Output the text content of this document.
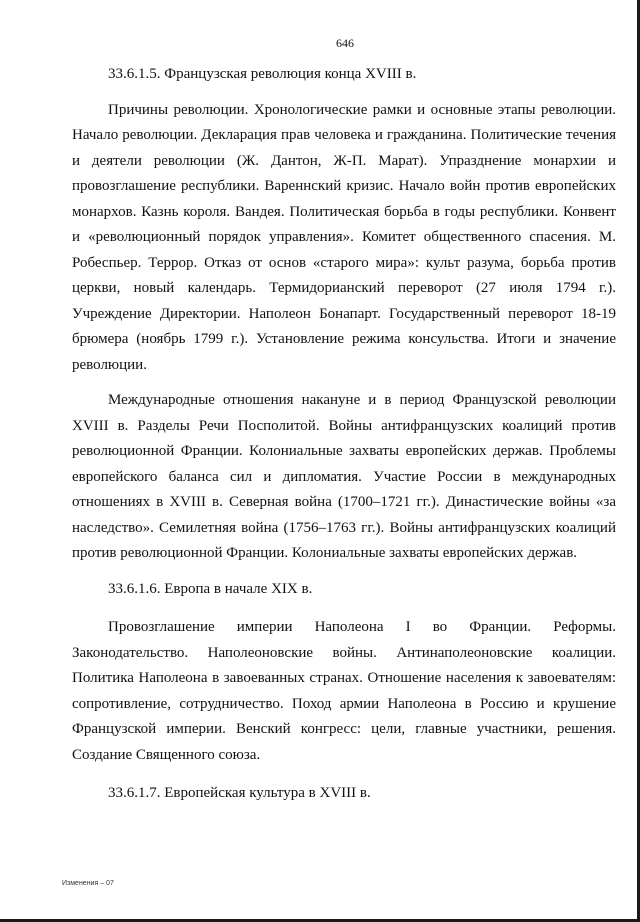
646

33.6.1.5. Французская революция конца XVIII в.

Причины революции. Хронологические рамки и основные этапы революции. Начало революции. Декларация прав человека и гражданина. Политические течения и деятели революции (Ж. Дантон, Ж-П. Марат). Упразднение монархии и провозглашение республики. Вареннский кризис. Начало войн против европейских монархов. Казнь короля. Вандея. Политическая борьба в годы республики. Конвент и «революционный порядок управления». Комитет общественного спасения. М. Робеспьер. Террор. Отказ от основ «старого мира»: культ разума, борьба против церкви, новый календарь. Термидорианский переворот (27 июля 1794 г.). Учреждение Директории. Наполеон Бонапарт. Государственный переворот 18-19 брюмера (ноябрь 1799 г.). Установление режима консульства. Итоги и значение революции.

Международные отношения накануне и в период Французской революции XVIII в. Разделы Речи Посполитой. Войны антифранцузских коалиций против революционной Франции. Колониальные захваты европейских держав. Проблемы европейского баланса сил и дипломатия. Участие России в международных отношениях в XVIII в. Северная война (1700–1721 гг.). Династические войны «за наследство». Семилетняя война (1756–1763 гг.). Войны антифранцузских коалиций против революционной Франции. Колониальные захваты европейских держав.

33.6.1.6. Европа в начале XIX в.

Провозглашение империи Наполеона I во Франции. Реформы. Законодательство. Наполеоновские войны. Антинаполеоновские коалиции. Политика Наполеона в завоеванных странах. Отношение населения к завоевателям: сопротивление, сотрудничество. Поход армии Наполеона в Россию и крушение Французской империи. Венский конгресс: цели, главные участники, решения. Создание Священного союза.

33.6.1.7. Европейская культура в XVIII в.

Изменения – 07
